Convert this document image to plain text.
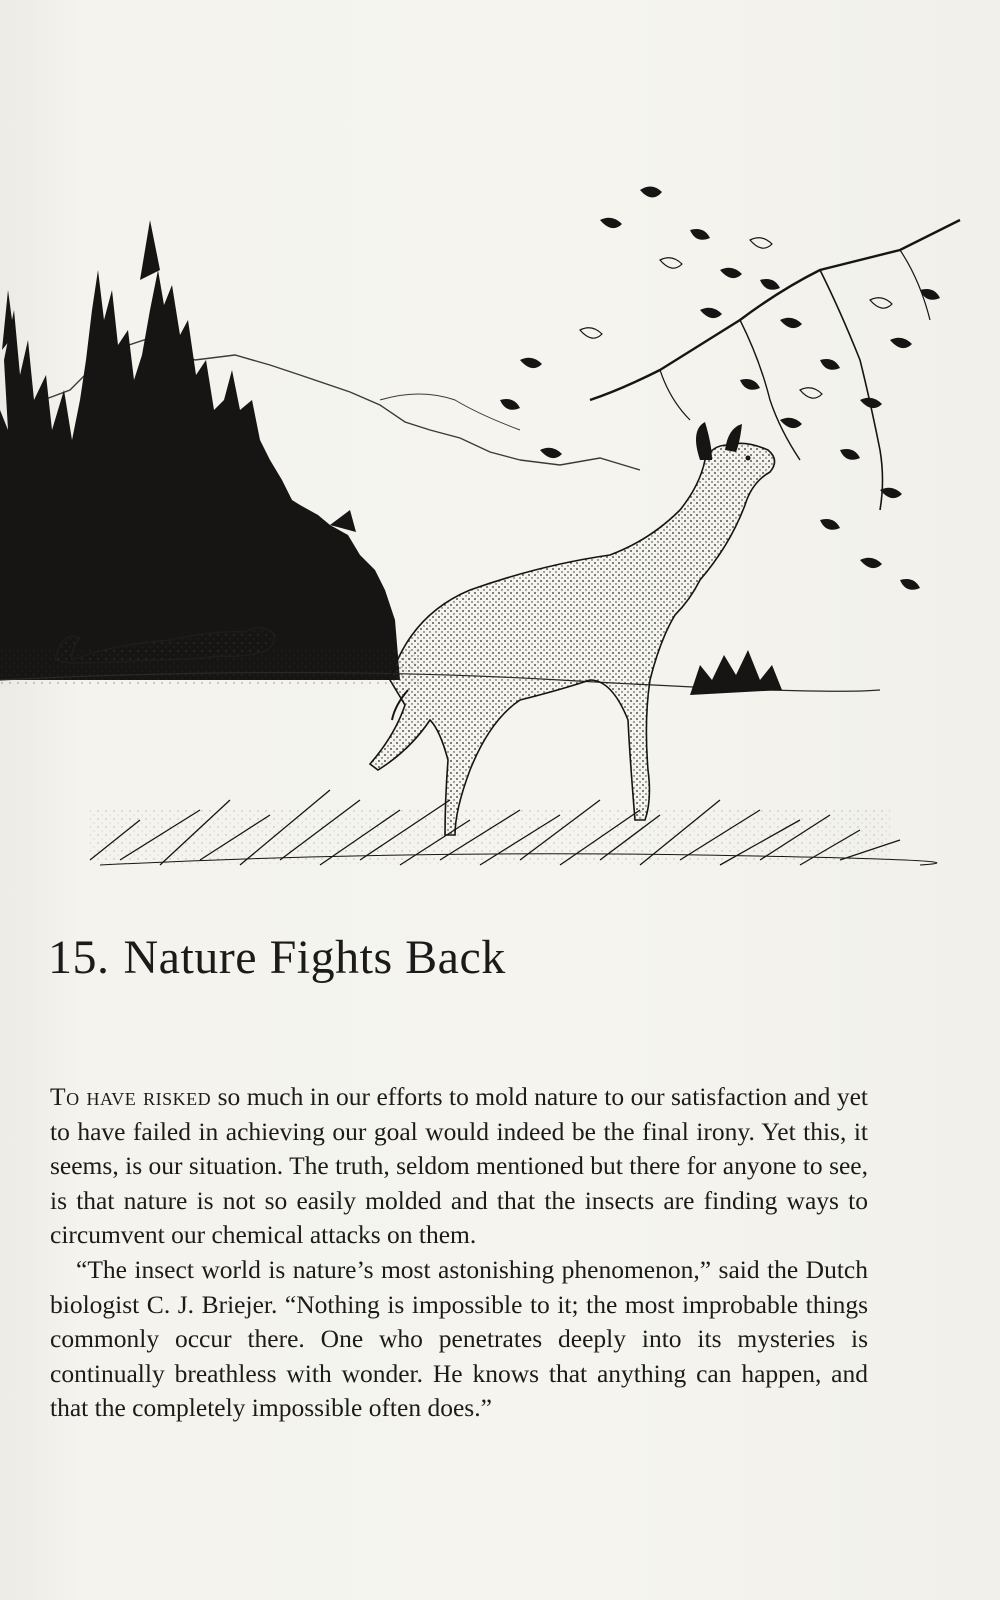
15. Nature Fights Back

To have risked so much in our efforts to mold nature to our satisfaction and yet to have failed in achieving our goal would indeed be the final irony. Yet this, it seems, is our situation. The truth, seldom mentioned but there for anyone to see, is that nature is not so easily molded and that the insects are finding ways to circumvent our chemical attacks on them.

“The insect world is nature’s most astonishing phenomenon,” said the Dutch biologist C. J. Briejer. “Nothing is impossible to it; the most improbable things commonly occur there. One who penetrates deeply into its mysteries is continually breathless with wonder. He knows that anything can happen, and that the completely impossible often does.”
